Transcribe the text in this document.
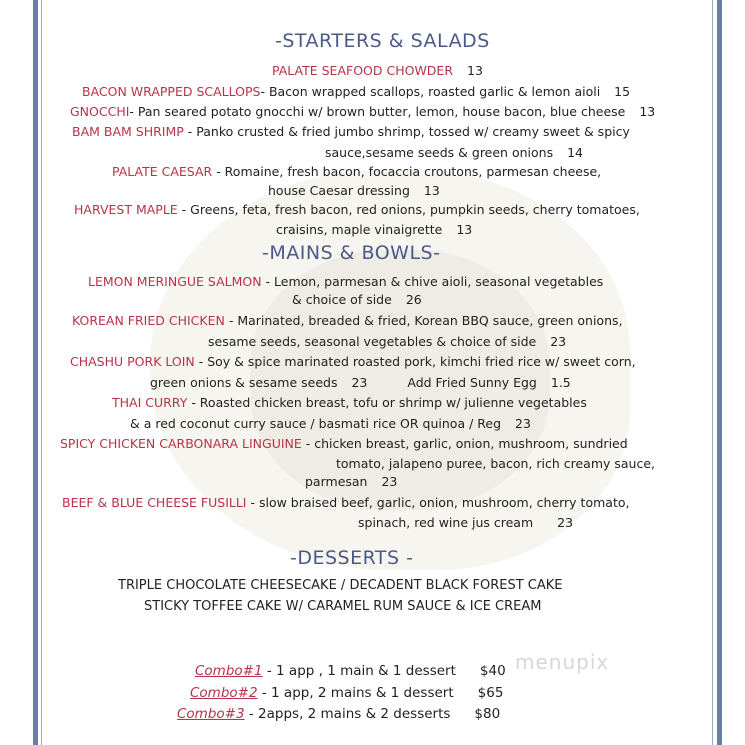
-STARTERS & SALADS
PALATE SEAFOOD CHOWDER 13
BACON WRAPPED SCALLOPS- Bacon wrapped scallops, roasted garlic & lemon aioli 15
GNOCCHI- Pan seared potato gnocchi w/ brown butter, lemon, house bacon, blue cheese 13
BAM BAM SHRIMP - Panko crusted & fried jumbo shrimp, tossed w/ creamy sweet & spicy
sauce,sesame seeds & green onions 14
PALATE CAESAR - Romaine, fresh bacon, focaccia croutons, parmesan cheese,
house Caesar dressing 13
HARVEST MAPLE - Greens, feta, fresh bacon, red onions, pumpkin seeds, cherry tomatoes,
craisins, maple vinaigrette 13
-MAINS & BOWLS-
LEMON MERINGUE SALMON - Lemon, parmesan & chive aioli, seasonal vegetables
& choice of side 26
KOREAN FRIED CHICKEN - Marinated, breaded & fried, Korean BBQ sauce, green onions,
sesame seeds, seasonal vegetables & choice of side 23
CHASHU PORK LOIN - Soy & spice marinated roasted pork, kimchi fried rice w/ sweet corn,
green onions & sesame seeds 23	Add Fried Sunny Egg 1.5
THAI CURRY - Roasted chicken breast, tofu or shrimp w/ julienne vegetables
& a red coconut curry sauce / basmati rice OR quinoa / Reg 23
SPICY CHICKEN CARBONARA LINGUINE - chicken breast, garlic, onion, mushroom, sundried
tomato, jalapeno puree, bacon, rich creamy sauce,
parmesan 23
BEEF & BLUE CHEESE FUSILLI - slow braised beef, garlic, onion, mushroom, cherry tomato,
spinach, red wine jus cream 23
-DESSERTS -
TRIPLE CHOCOLATE CHEESECAKE / DECADENT BLACK FOREST CAKE
STICKY TOFFEE CAKE W/ CARAMEL RUM SAUCE & ICE CREAM
Combo#1 - 1 app , 1 main & 1 dessert $40
Combo#2 - 1 app, 2 mains & 1 dessert $65
Combo#3 - 2apps, 2 mains & 2 desserts $80
menupix
